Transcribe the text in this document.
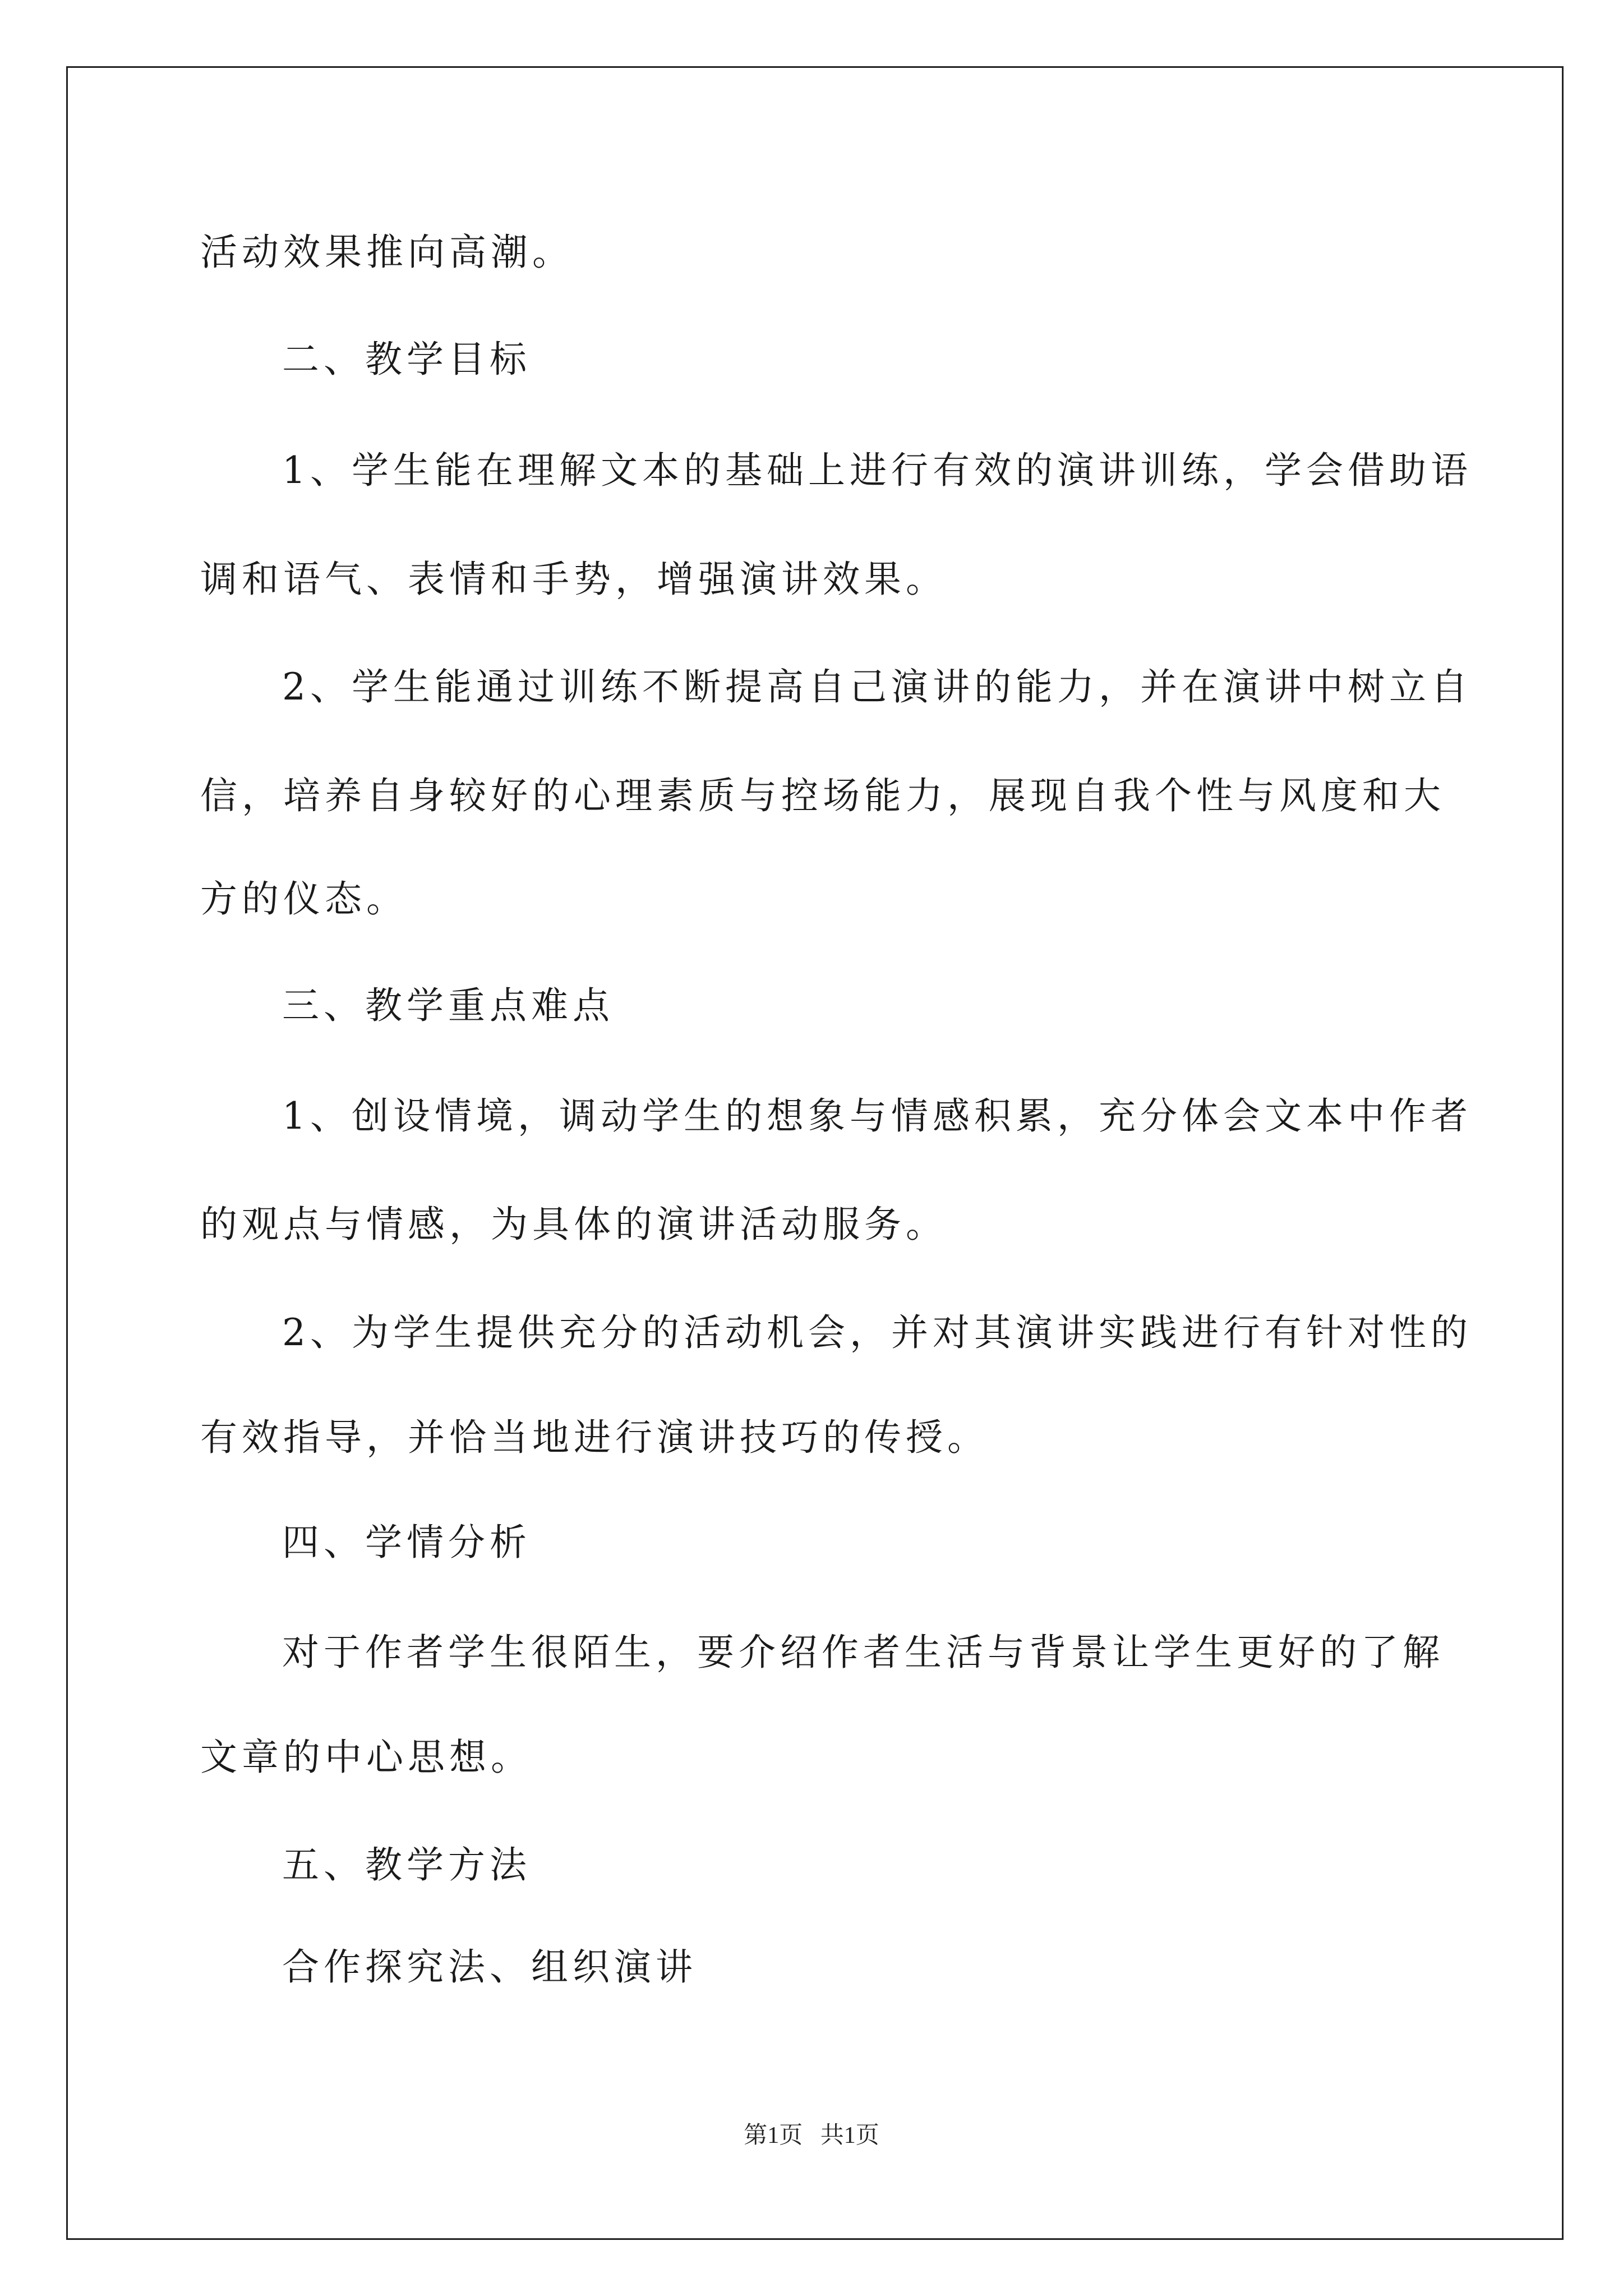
活动效果推向高潮。
二、教学目标
1、学生能在理解文本的基础上进行有效的演讲训练，学会借助语
调和语气、表情和手势，增强演讲效果。
2、学生能通过训练不断提高自己演讲的能力，并在演讲中树立自
信，培养自身较好的心理素质与控场能力，展现自我个性与风度和大
方的仪态。
三、教学重点难点
1、创设情境，调动学生的想象与情感积累，充分体会文本中作者
的观点与情感，为具体的演讲活动服务。
2、为学生提供充分的活动机会，并对其演讲实践进行有针对性的
有效指导，并恰当地进行演讲技巧的传授。
四、学情分析
对于作者学生很陌生，要介绍作者生活与背景让学生更好的了解
文章的中心思想。
五、教学方法
合作探究法、组织演讲
第1页   共1页
